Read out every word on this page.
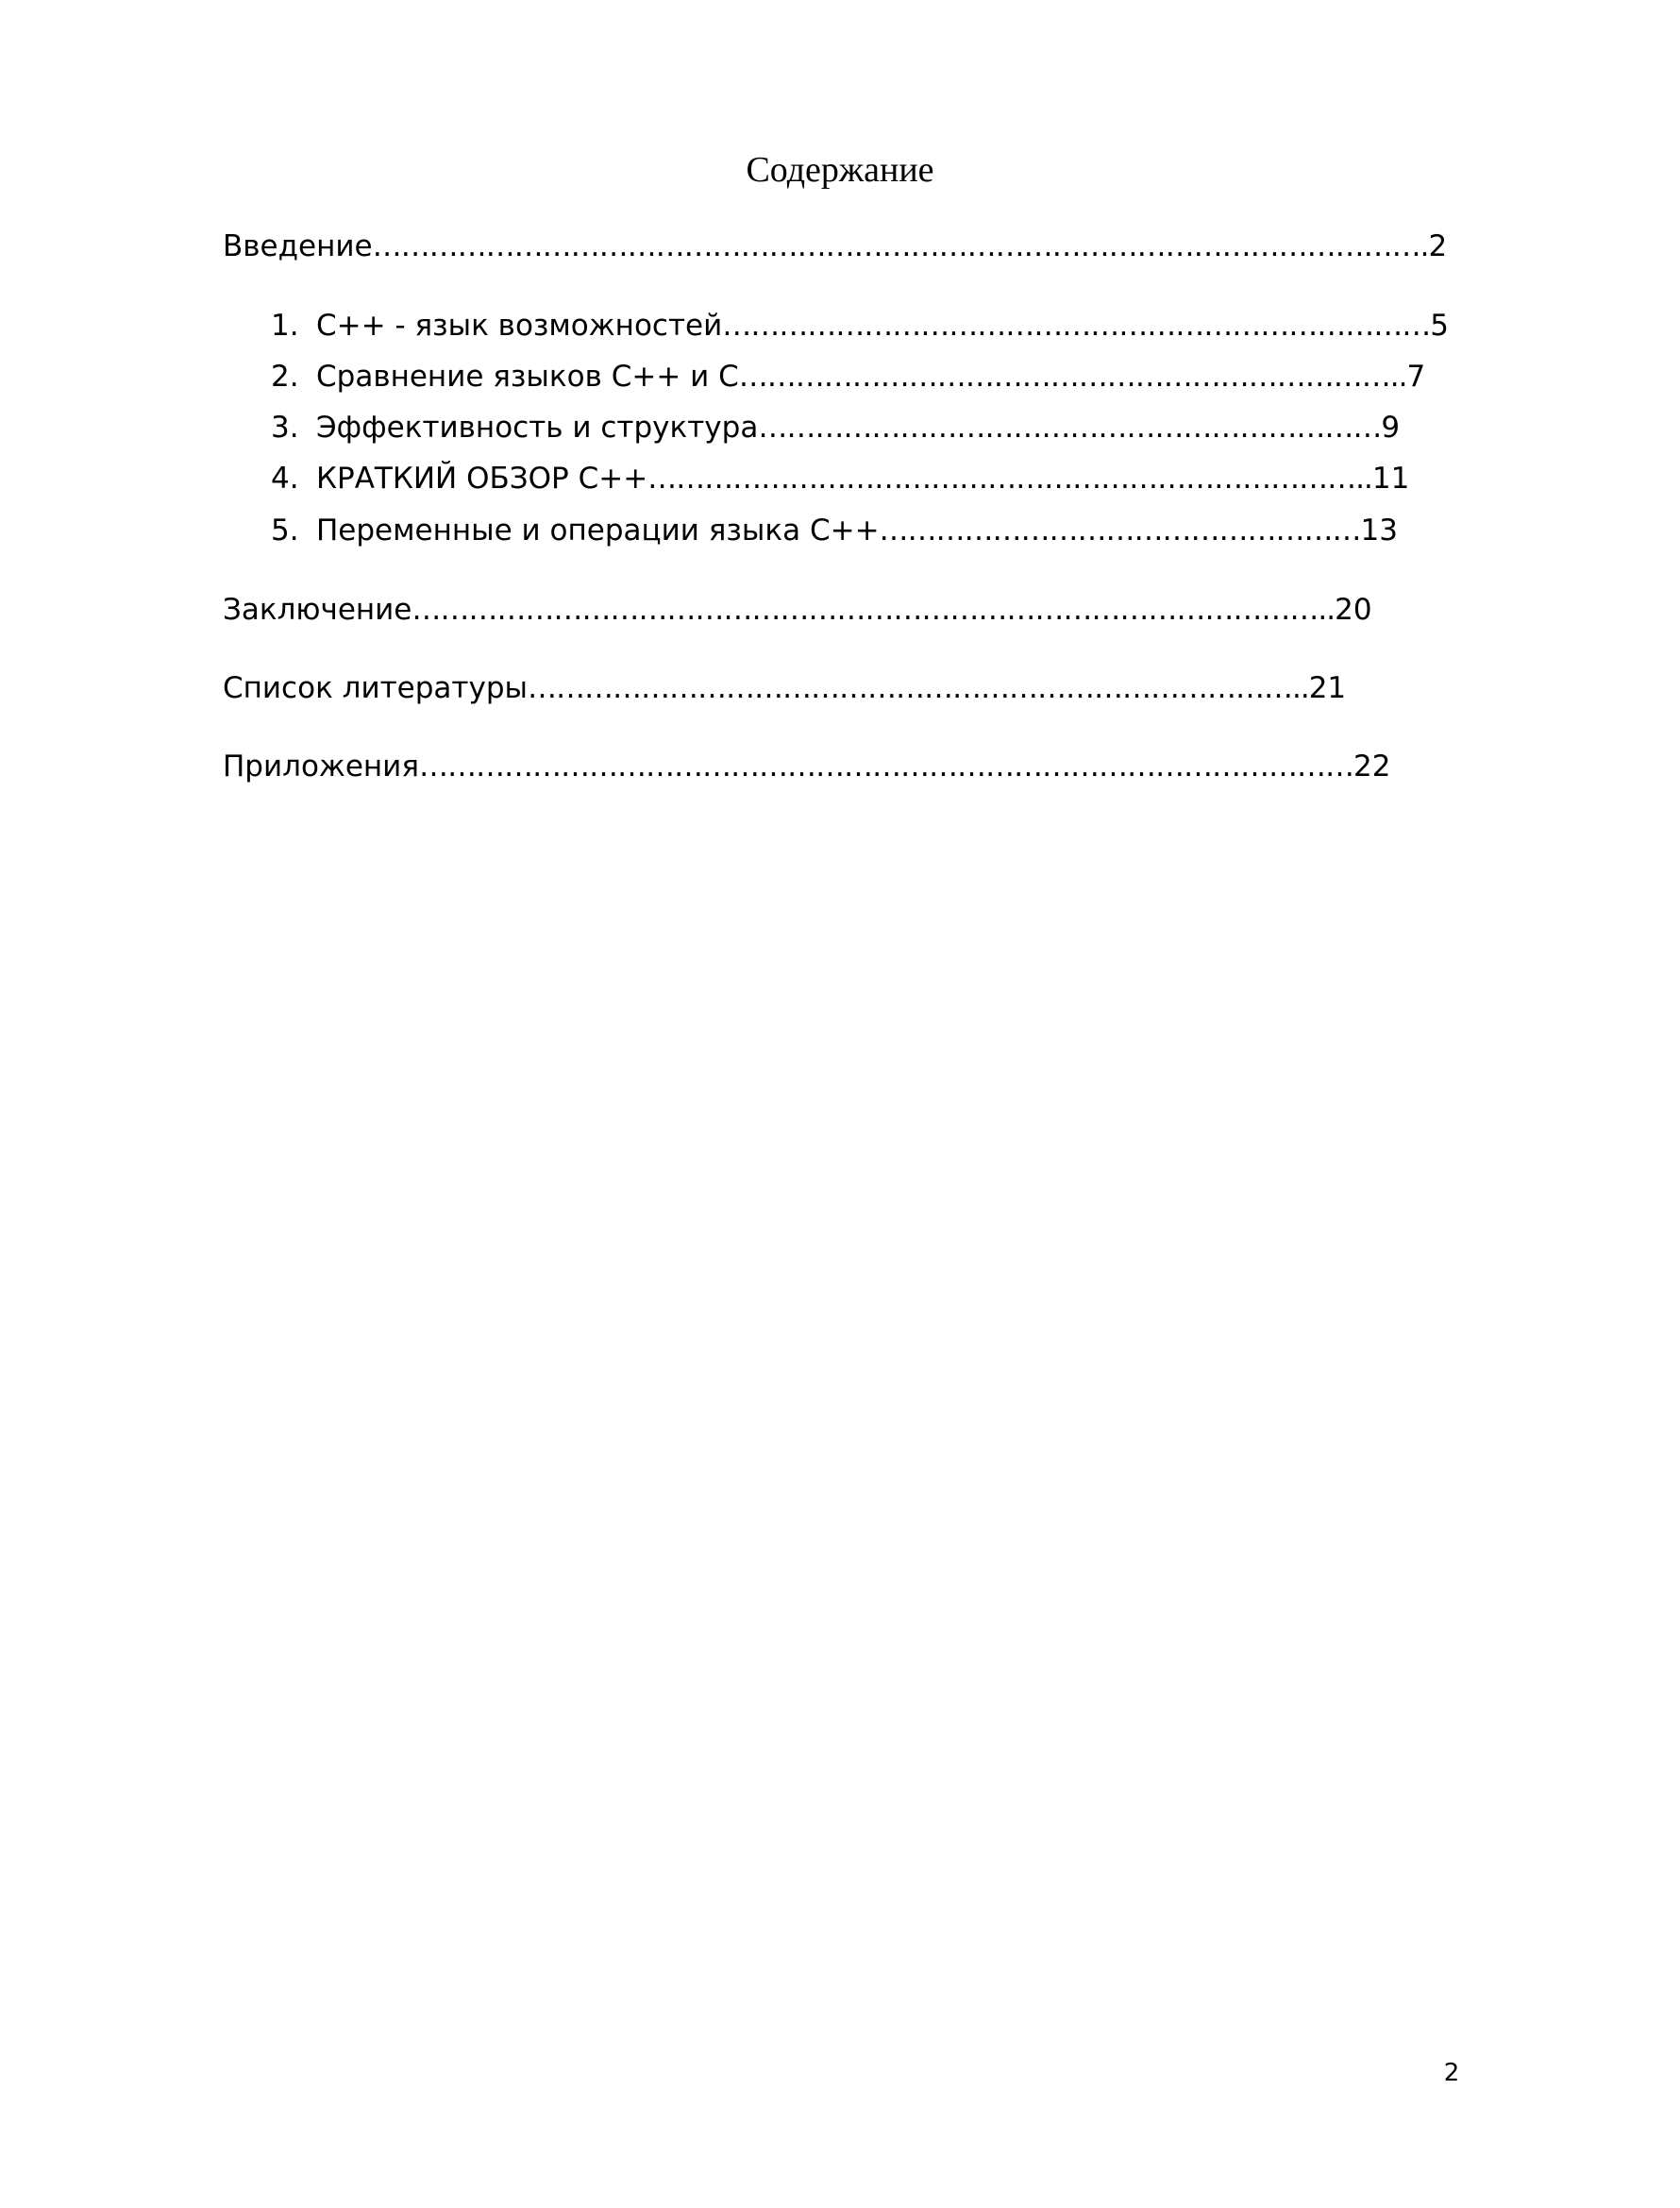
Содержание
Введение………………………………………………………………………………………………….2
1. С++ - язык возможностей…………………………………………………………………5
2. Сравнение языков С++ и С……………………………………………………………..7
3. Эффективность и структура…………………………………………………………9
4. КРАТКИЙ ОБЗОР С++…………………………………………………………………..11
5. Переменные и операции языка С++……………………………………………13
Заключение……………………………………………………………………………………..20
Список литературы………………………………………………………………………..21
Приложения………………………………………………………………………………………22
2
